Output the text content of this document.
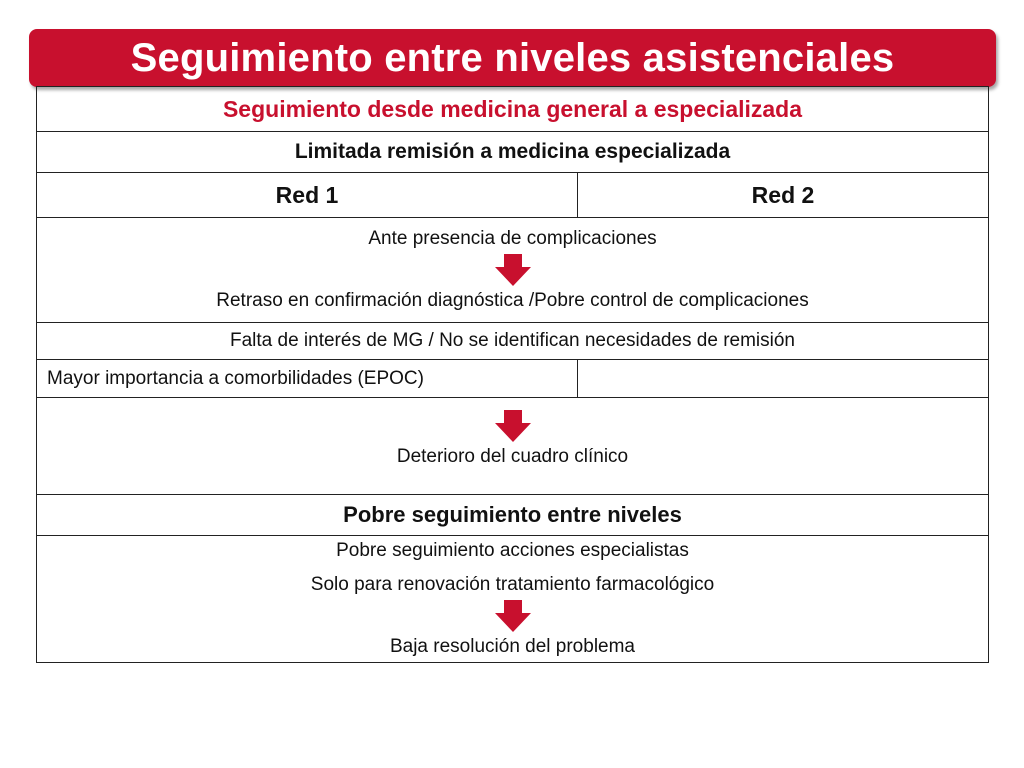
Seguimiento entre niveles asistenciales
Seguimiento desde medicina general a especializada	
Limitada remisión a medicina especializada	
Red 1	Red 2

Ante presencia de complicaciones
Retraso en confirmación diagnóstica /Pobre control de complicaciones	

Falta de interés de MG / No se identifican necesidades de remisión	
Mayor importancia a comorbilidades (EPOC)	

Deterioro del cuadro clínico	

Pobre seguimiento entre niveles	

Pobre seguimiento acciones especialistas
Solo para renovación tratamiento farmacológico
Baja resolución del problema	
